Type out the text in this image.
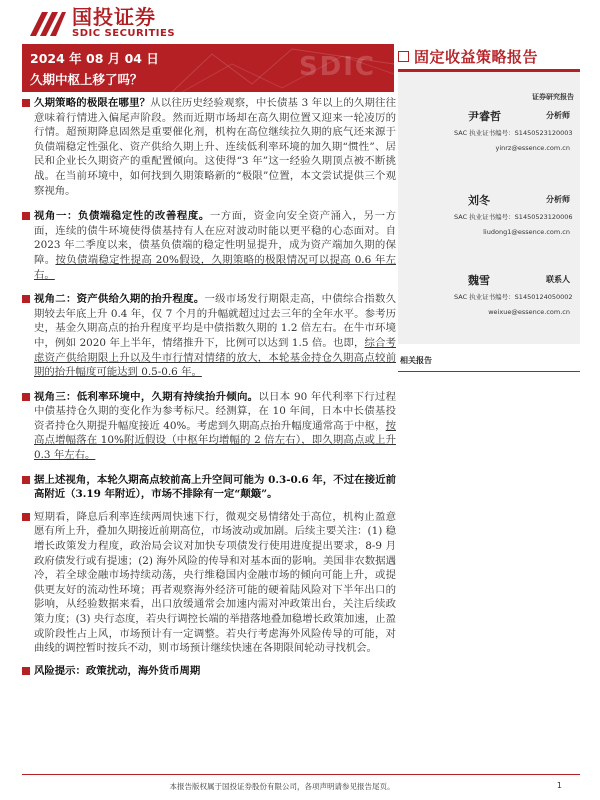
国投证券
SDIC SECURITIES
2024 年 08 月 04 日
久期中枢上移了吗？	SDIC	固定收益策略报告
证券研究报告
尹睿哲	分析师
SAC 执业证书编号：S1450523120003
yinrz@essence.com.cn
刘冬	分析师
SAC 执业证书编号：S1450523120006
liudong1@essence.com.cn
魏雪	联系人
SAC 执业证书编号：S1450124050002
weixue@essence.com.cn
相关报告

久期策略的极限在哪里？从以往历史经验观察，中长债基 3 年以上的久期往往意味着行情进入偏尾声阶段。然而近期市场却在高久期位置又迎来一轮凌厉的行情。超预期降息固然是重要催化剂，机构在高位继续拉久期的底气还来源于负债端稳定性强化、资产供给久期上升、连续低利率环境的加久期“惯性”、居民和企业长久期资产的重配置倾向。这使得“3 年”这一经验久期顶点被不断挑战。在当前环境中，如何找到久期策略新的“极限”位置，本文尝试提供三个观察视角。

视角一：负债端稳定性的改善程度。一方面，资金向安全资产涌入，另一方面，连续的债牛环境使得债基持有人在应对波动时能以更平稳的心态面对。自 2023 年二季度以来，债基负债端的稳定性明显提升，成为资产端加久期的保障。按负债端稳定性提高 20%假设，久期策略的极限情况可以提高 0.6 年左右。

视角二：资产供给久期的抬升程度。一级市场发行期限走高，中债综合指数久期较去年底上升 0.4 年，仅 7 个月的升幅就超过过去三年的全年水平。参考历史，基金久期高点的抬升程度平均是中债指数久期的 1.2 倍左右。在牛市环境中，例如 2020 年上半年，情绪推升下，比例可以达到 1.5 倍。也即，综合考虑资产供给期限上升以及牛市行情对情绪的放大，本轮基金持仓久期高点较前期的抬升幅度可能达到 0.5-0.6 年。

视角三：低利率环境中，久期有持续抬升倾向。以日本 90 年代利率下行过程中债基持仓久期的变化作为参考标尺。经测算，在 10 年间，日本中长债基投资者持仓久期提升幅度接近 40%。考虑到久期高点抬升幅度通常高于中枢，按高点增幅落在 10%附近假设（中枢年均增幅的 2 倍左右），即久期高点或上升 0.3 年左右。

据上述视角，本轮久期高点较前高上升空间可能为 0.3-0.6 年，不过在接近前高附近（3.19 年附近），市场不排除有一定“颠簸”。

短期看，降息后利率连续两周快速下行，微观交易情绪处于高位，机构止盈意愿有所上升，叠加久期接近前期高位，市场波动或加剧。后续主要关注：(1) 稳增长政策发力程度，政治局会议对加快专项债发行使用进度提出要求，8-9 月政府债发行或有提速；(2) 海外风险的传导和对基本面的影响。美国非农数据遇冷，若全球金融市场持续动荡，央行维稳国内金融市场的倾向可能上升，或提供更友好的流动性环境；再者观察海外经济可能的硬着陆风险对下半年出口的影响，从经验数据来看，出口放缓通常会加速内需对冲政策出台，关注后续政策力度；(3) 央行态度，若央行调控长端的举措落地叠加稳增长政策加速，止盈或阶段性占上风，市场预计有一定调整。若央行考虑海外风险传导的可能，对曲线的调控暂时按兵不动，则市场预计继续快速在各期限间轮动寻找机会。

风险提示：政策扰动，海外货币周期

本报告版权属于国投证券股份有限公司，各项声明请参见报告尾页。	1
